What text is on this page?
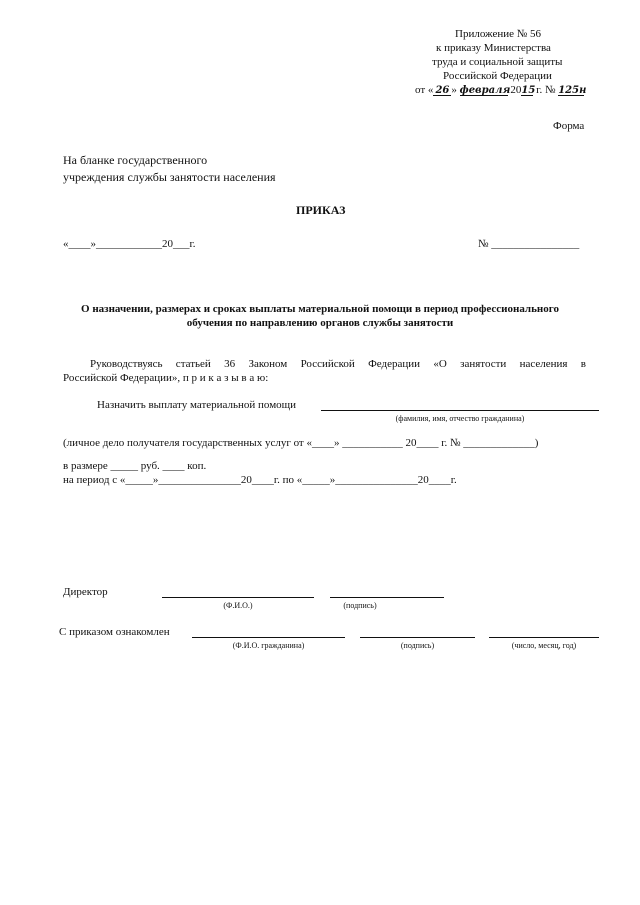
Приложение № 56
к приказу Министерства
труда и социальной защиты
Российской Федерации
от « 26 » февраля 2015 г. № 125н
Форма
На бланке государственного
учреждения службы занятости населения
ПРИКАЗ
«____»____________20___г.	№ ________________
О назначении, размерах и сроках выплаты материальной помощи в период профессионального
обучения по направлению органов службы занятости
Руководствуясь статьей 36 Законом Российской Федерации «О занятости населения в
Российской Федерации», п р и к а з ы в а ю:
Назначить выплату материальной помощи
(фамилия, имя, отчество гражданина)
(личное дело получателя государственных услуг от «____» ___________ 20____ г. № _____________)
в размере _____ руб. ____ коп.
на период с «_____»_______________20____г. по «_____»_______________20____г.
Директор
(Ф.И.О.)	(подпись)
С приказом ознакомлен
(Ф.И.О. гражданина)	(подпись)	(число, месяц, год)
